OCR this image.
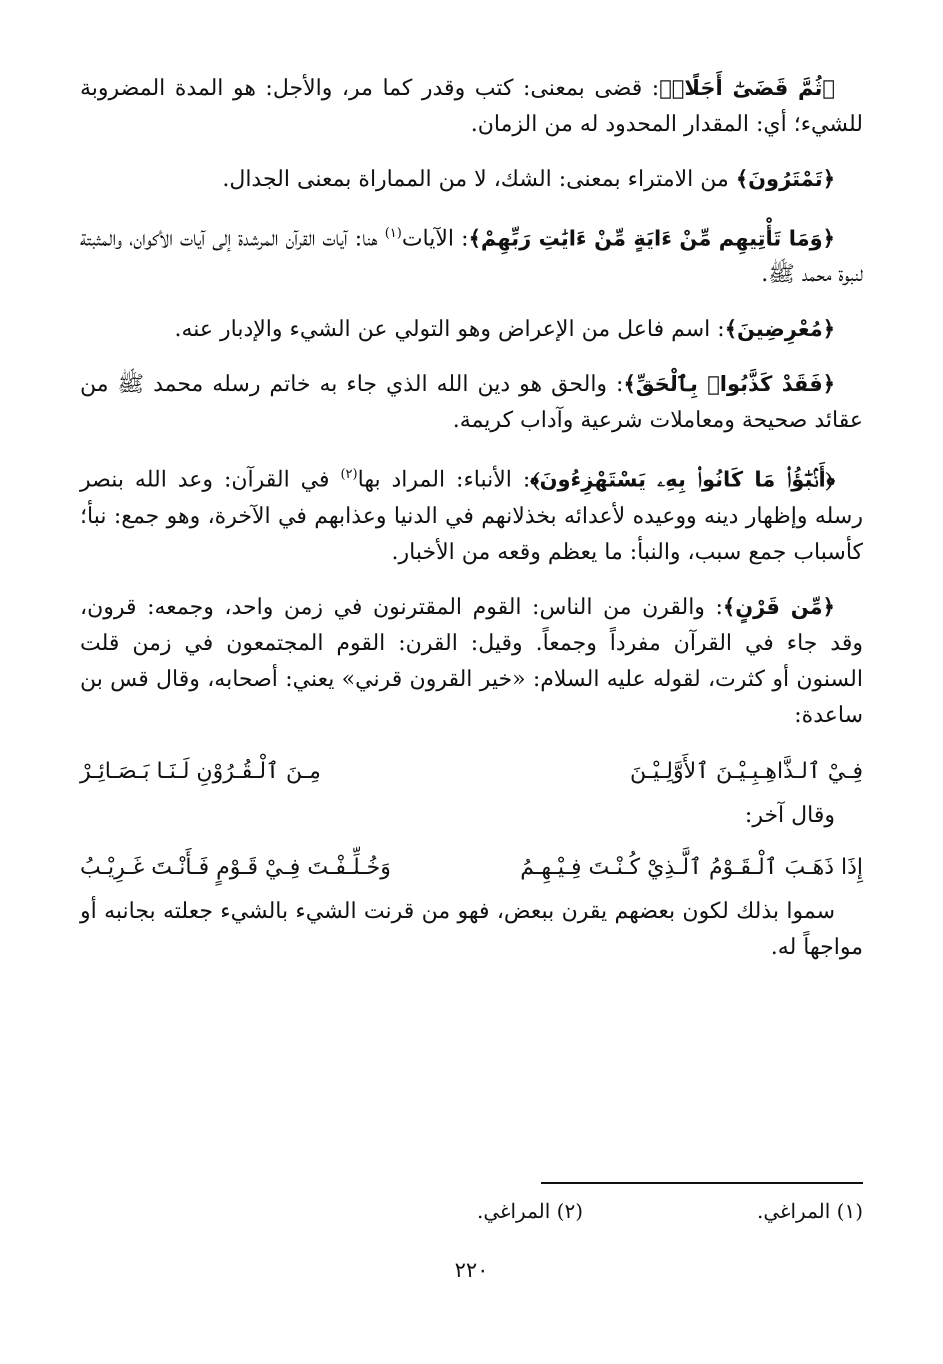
﴿ثُمَّ قَضَىٰٓ أَجَلًاۖ﴾: قضى بمعنى: كتب وقدر كما مر، والأجل: هو المدة المضروبة للشيء؛ أي: المقدار المحدود له من الزمان.

﴿تَمْتَرُونَ﴾ من الامتراء بمعنى: الشك، لا من المماراة بمعنى الجدال.

﴿وَمَا تَأْتِيهِم مِّنْ ءَايَةٍ مِّنْ ءَايَٰتِ رَبِّهِمْ﴾: الآيات$^{(١)}$ هنا: آيات القرآن المرشدة إلى آيات الأكوان، والمثبتة لنبوة محمد ﷺ.

﴿مُعْرِضِينَ﴾: اسم فاعل من الإعراض وهو التولي عن الشيء والإدبار عنه.

﴿فَقَدْ كَذَّبُوا۟ بِٱلْحَقِّ﴾: والحق هو دين الله الذي جاء به خاتم رسله محمد ﷺ من عقائد صحيحة ومعاملات شرعية وآداب كريمة.

﴿أَنۢبَٰٓؤُا۟ مَا كَانُوا۟ بِهِۦ يَسْتَهْزِءُونَ﴾: الأنباء: المراد بها$^{(٢)}$ في القرآن: وعد الله بنصر رسله وإظهار دينه ووعيده لأعدائه بخذلانهم في الدنيا وعذابهم في الآخرة، وهو جمع: نبأ؛ كأسباب جمع سبب، والنبأ: ما يعظم وقعه من الأخبار.

﴿مِّن قَرْنٍ﴾: والقرن من الناس: القوم المقترنون في زمن واحد، وجمعه: قرون، وقد جاء في القرآن مفرداً وجمعاً. وقيل: القرن: القوم المجتمعون في زمن قلت السنون أو كثرت، لقوله عليه السلام: «خير القرون قرني» يعني: أصحابه، وقال قس بن ساعدة:

فِـيْ ٱلـذَّاهِـبِـيْـنَ ٱلأَوَّلِـيْـنَ
مِـنَ ٱلْـقُـرُوْنِ لَـنَـا بَـصَـائِـرْ
وقال آخر:
إِذَا ذَهَـبَ ٱلْـقَـوْمُ ٱلَّـذِيْ كُـنْـتَ فِـيْـهِـمُ
وَخُـلِّـفْـتَ فِـيْ قَـوْمٍ فَـأَنْـتَ غَـرِيْـبُ

سموا بذلك لكون بعضهم يقرن ببعض، فهو من قرنت الشيء بالشيء جعلته بجانبه أو مواجهاً له.

(١) المراغي.
(٢) المراغي.
٢٢٠
